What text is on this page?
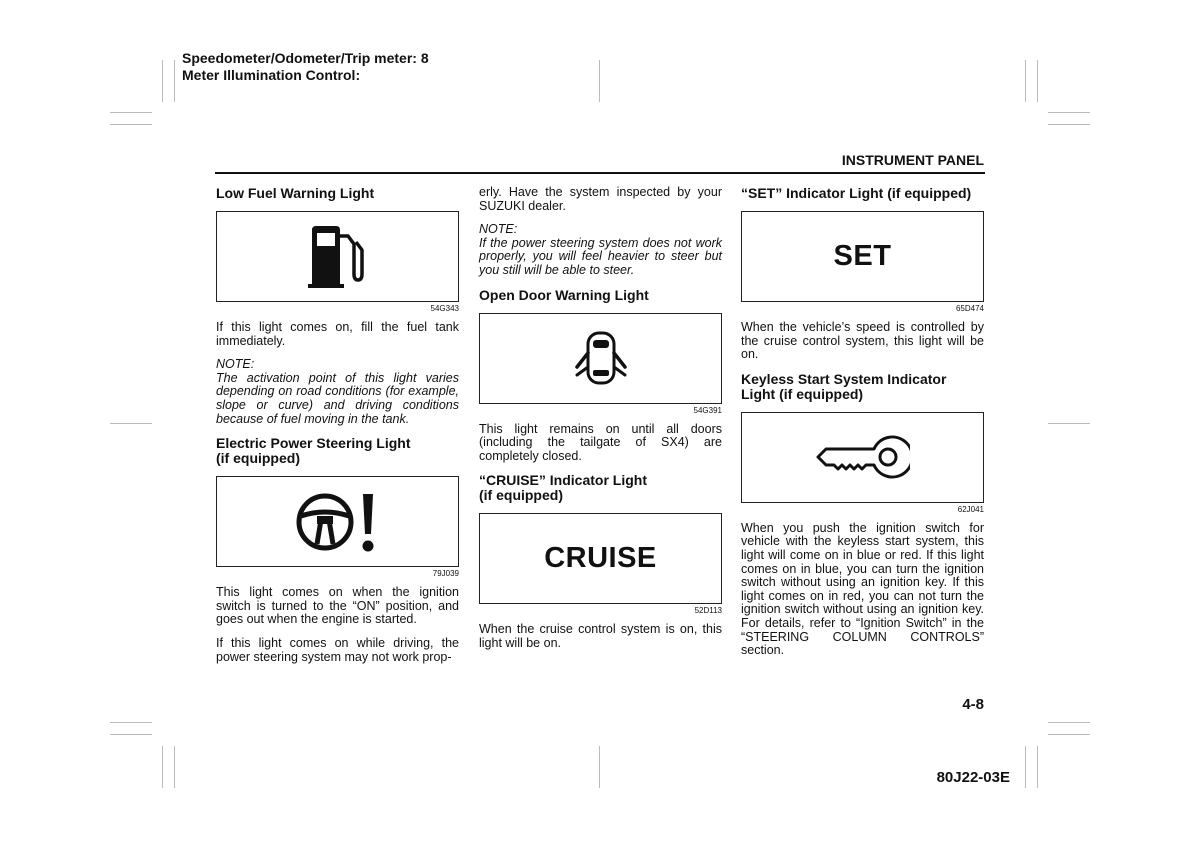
Speedometer/Odometer/Trip meter: 8
Meter Illumination Control:
INSTRUMENT PANEL
Low Fuel Warning Light
54G343
If this light comes on, fill the fuel tank immediately.
NOTE:
The activation point of this light varies depending on road conditions (for example, slope or curve) and driving conditions because of fuel moving in the tank.
Electric Power Steering Light
(if equipped)
79J039
This light comes on when the ignition switch is turned to the “ON” position, and goes out when the engine is started.
If this light comes on while driving, the power steering system may not work prop-
erly. Have the system inspected by your SUZUKI dealer.
NOTE:
If the power steering system does not work properly, you will feel heavier to steer but you still will be able to steer.
Open Door Warning Light
54G391
This light remains on until all doors (including the tailgate of SX4) are completely closed.
“CRUISE” Indicator Light
(if equipped)
CRUISE
52D113
When the cruise control system is on, this light will be on.
“SET” Indicator Light (if equipped)
SET
65D474
When the vehicle’s speed is controlled by the cruise control system, this light will be on.
Keyless Start System Indicator
Light (if equipped)
62J041
When you push the ignition switch for vehicle with the keyless start system, this light will come on in blue or red. If this light comes on in blue, you can turn the ignition switch without using an ignition key. If this light comes on in red, you can not turn the ignition switch without using an ignition key. For details, refer to “Ignition Switch” in the “STEERING COLUMN CONTROLS” section.
4-8
80J22-03E
